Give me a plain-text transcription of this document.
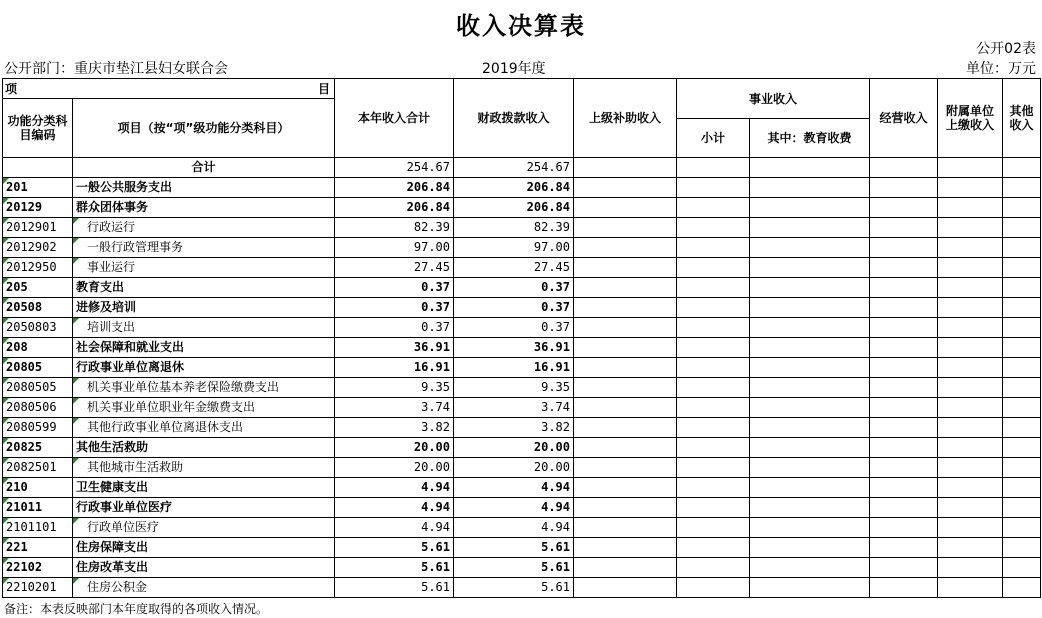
收入决算表
公开02表
公开部门：重庆市垫江县妇女联合会	2019年度	单位：万元
项	目	本年收入合计	财政拨款收入	上级补助收入	事业收入		经营收入	附属单位上缴收入	其他收入
功能分类科目编码	项目（按“项”级功能分类科目）								
					小计	其中：教育收费			
	合计	254.67	254.67						
201	一般公共服务支出	206.84	206.84						
20129	群众团体事务	206.84	206.84						
2012901	行政运行	82.39	82.39						
2012902	一般行政管理事务	97.00	97.00						
2012950	事业运行	27.45	27.45						
205	教育支出	0.37	0.37						
20508	进修及培训	0.37	0.37						
2050803	培训支出	0.37	0.37						
208	社会保障和就业支出	36.91	36.91						
20805	行政事业单位离退休	16.91	16.91						
2080505	机关事业单位基本养老保险缴费支出	9.35	9.35						
2080506	机关事业单位职业年金缴费支出	3.74	3.74						
2080599	其他行政事业单位离退休支出	3.82	3.82						
20825	其他生活救助	20.00	20.00						
2082501	其他城市生活救助	20.00	20.00						
210	卫生健康支出	4.94	4.94						
21011	行政事业单位医疗	4.94	4.94						
2101101	行政单位医疗	4.94	4.94						
221	住房保障支出	5.61	5.61						
22102	住房改革支出	5.61	5.61						
2210201	住房公积金	5.61	5.61						
备注：本表反映部门本年度取得的各项收入情况。
